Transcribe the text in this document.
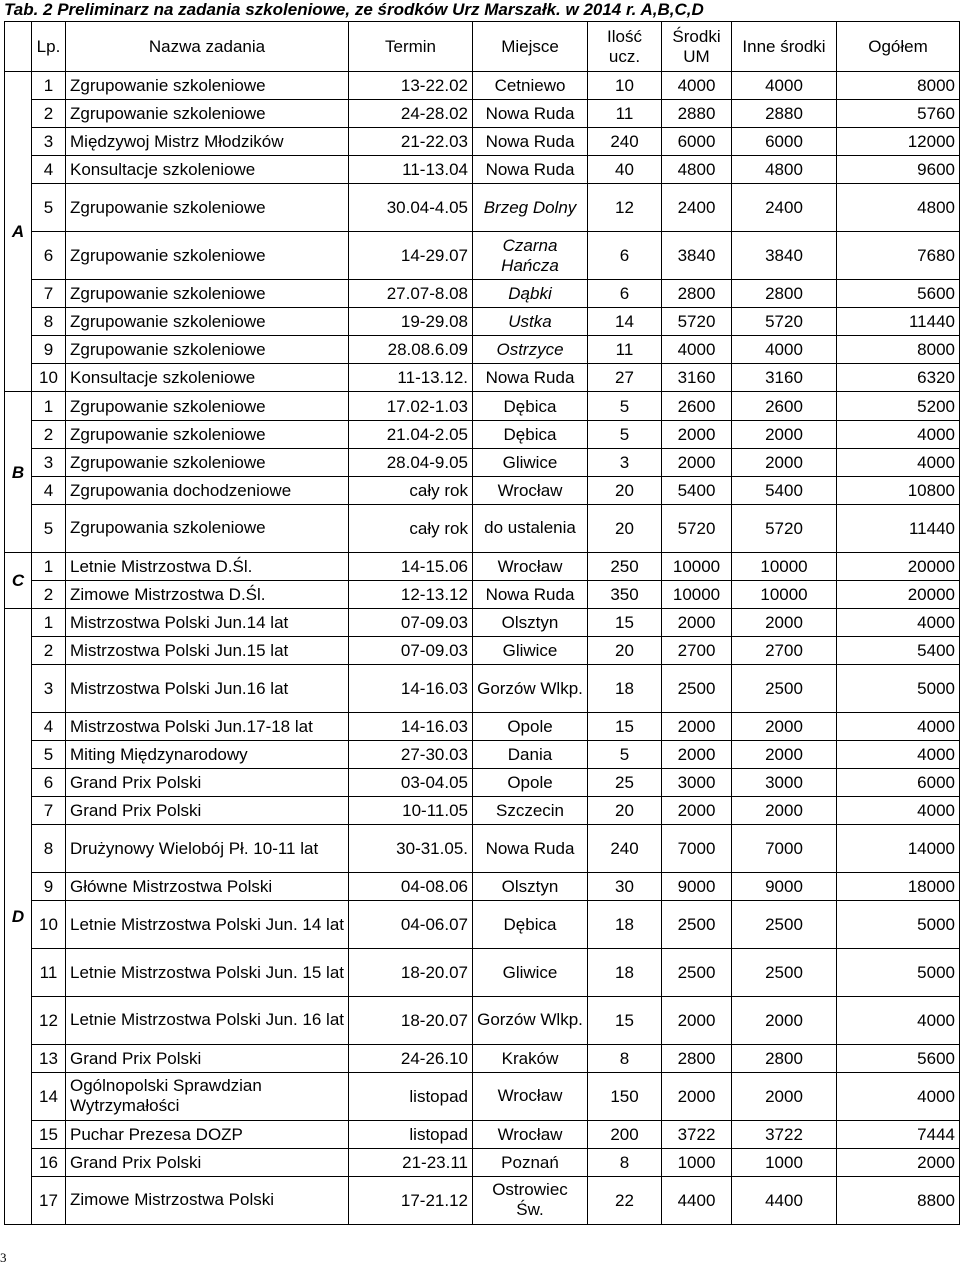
Tab. 2 Preliminarz na zadania szkoleniowe, ze środków Urz Marszałk. w 2014 r. A,B,C,D
	Lp.	Nazwa zadania	Termin	Miejsce	Ilość ucz.	Środki UM	Inne środki	Ogółem
A	1	Zgrupowanie szkoleniowe	13-22.02	Cetniewo	10	4000	4000	8000
	2	Zgrupowanie szkoleniowe	24-28.02	Nowa Ruda	11	2880	2880	5760
	3	Międzywoj Mistrz Młodzików	21-22.03	Nowa Ruda	240	6000	6000	12000
	4	Konsultacje szkoleniowe	11-13.04	Nowa Ruda	40	4800	4800	9600
	5	Zgrupowanie szkoleniowe	30.04-4.05	Brzeg Dolny	12	2400	2400	4800
	6	Zgrupowanie szkoleniowe	14-29.07	Czarna Hańcza	6	3840	3840	7680
	7	Zgrupowanie szkoleniowe	27.07-8.08	Dąbki	6	2800	2800	5600
	8	Zgrupowanie szkoleniowe	19-29.08	Ustka	14	5720	5720	11440
	9	Zgrupowanie szkoleniowe	28.08.6.09	Ostrzyce	11	4000	4000	8000
	10	Konsultacje szkoleniowe	11-13.12.	Nowa Ruda	27	3160	3160	6320
B	1	Zgrupowanie szkoleniowe	17.02-1.03	Dębica	5	2600	2600	5200
	2	Zgrupowanie szkoleniowe	21.04-2.05	Dębica	5	2000	2000	4000
	3	Zgrupowanie szkoleniowe	28.04-9.05	Gliwice	3	2000	2000	4000
	4	Zgrupowania dochodzeniowe	cały rok	Wrocław	20	5400	5400	10800
	5	Zgrupowania szkoleniowe	cały rok	do ustalenia	20	5720	5720	11440
C	1	Letnie Mistrzostwa D.Śl.	14-15.06	Wrocław	250	10000	10000	20000
	2	Zimowe Mistrzostwa D.Śl.	12-13.12	Nowa Ruda	350	10000	10000	20000
D	1	Mistrzostwa Polski Jun.14 lat	07-09.03	Olsztyn	15	2000	2000	4000
	2	Mistrzostwa Polski Jun.15 lat	07-09.03	Gliwice	20	2700	2700	5400
	3	Mistrzostwa Polski Jun.16 lat	14-16.03	Gorzów Wlkp.	18	2500	2500	5000
	4	Mistrzostwa Polski Jun.17-18 lat	14-16.03	Opole	15	2000	2000	4000
	5	Miting Międzynarodowy	27-30.03	Dania	5	2000	2000	4000
	6	Grand Prix Polski	03-04.05	Opole	25	3000	3000	6000
	7	Grand Prix Polski	10-11.05	Szczecin	20	2000	2000	4000
	8	Drużynowy Wielobój Pł. 10-11 lat	30-31.05.	Nowa Ruda	240	7000	7000	14000
	9	Główne Mistrzostwa Polski	04-08.06	Olsztyn	30	9000	9000	18000
	10	Letnie Mistrzostwa Polski Jun. 14 lat	04-06.07	Dębica	18	2500	2500	5000
	11	Letnie Mistrzostwa Polski Jun. 15 lat	18-20.07	Gliwice	18	2500	2500	5000
	12	Letnie Mistrzostwa Polski Jun. 16 lat	18-20.07	Gorzów Wlkp.	15	2000	2000	4000
	13	Grand Prix Polski	24-26.10	Kraków	8	2800	2800	5600
	14	Ogólnopolski Sprawdzian Wytrzymałości	listopad	Wrocław	150	2000	2000	4000
	15	Puchar Prezesa DOZP	listopad	Wrocław	200	3722	3722	7444
	16	Grand Prix Polski	21-23.11	Poznań	8	1000	1000	2000
	17	Zimowe Mistrzostwa Polski	17-21.12	Ostrowiec Św.	22	4400	4400	8800
3
